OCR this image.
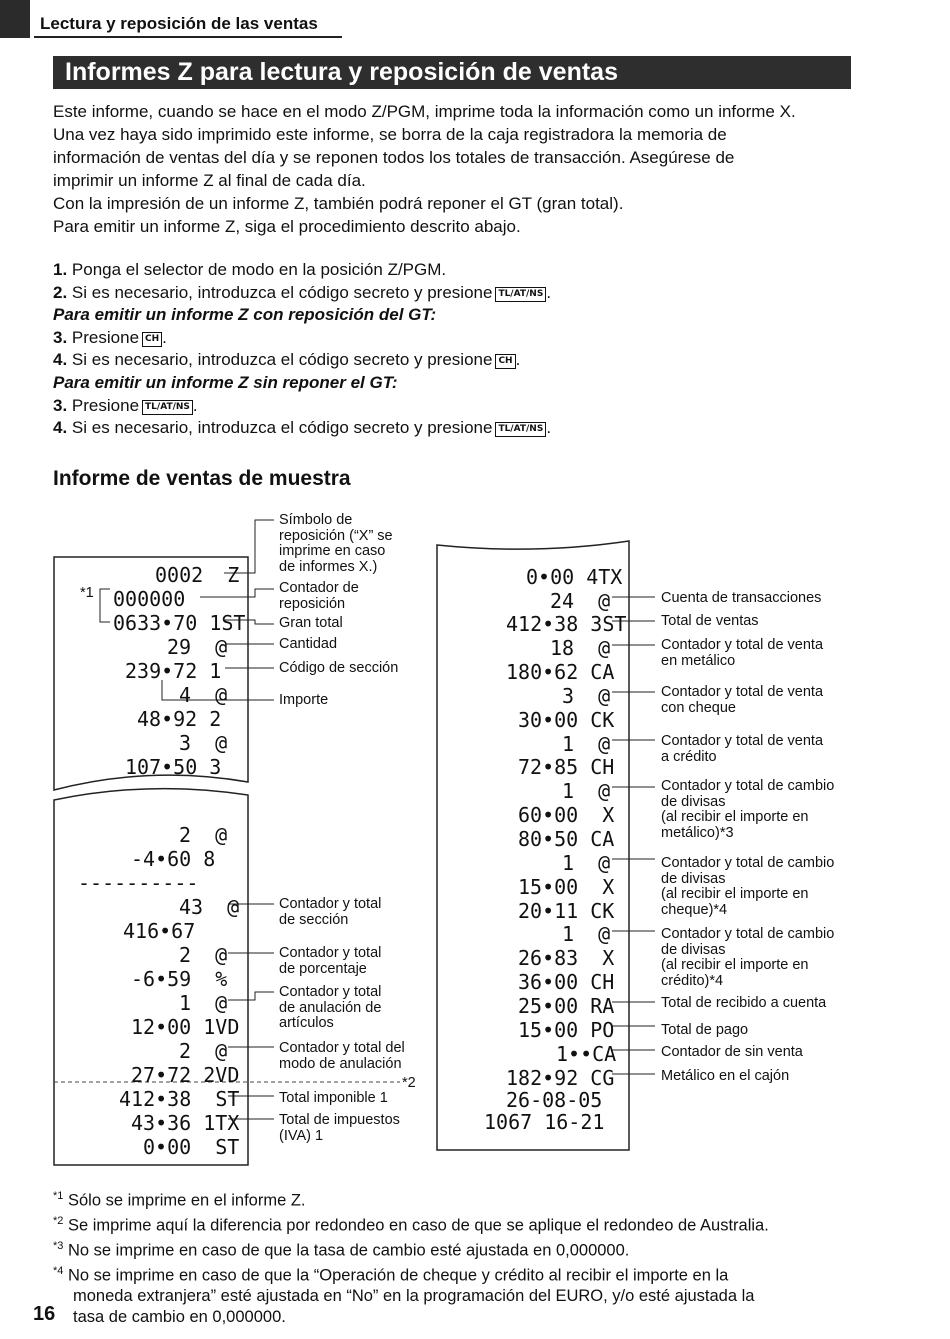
Lectura y reposición de las ventas
Informes Z para lectura y reposición de ventas
Este informe, cuando se hace en el modo Z/PGM, imprime toda la información como un informe X.
Una vez haya sido imprimido este informe, se borra de la caja registradora la memoria de
información de ventas del día y se reponen todos los totales de transacción. Asegúrese de
imprimir un informe Z al final de cada día.
Con la impresión de un informe Z, también podrá reponer el GT (gran total).
Para emitir un informe Z, siga el procedimiento descrito abajo.
1. Ponga el selector de modo en la posición Z/PGM.
2. Si es necesario, introduzca el código secreto y presione TL/AT/NS .
Para emitir un informe Z con reposición del GT:
3. Presione CH .
4. Si es necesario, introduzca el código secreto y presione CH .
Para emitir un informe Z sin reponer el GT:
3. Presione TL/AT/NS .
4. Si es necesario, introduzca el código secreto y presione TL/AT/NS .
Informe de ventas de muestra
0002  Z
000000
0633•70 1ST
29  @
239•72 1
4  @
48•92 2
3  @
107•50 3
*1
2  @
-4•60 8
----------
43  @
416•67
2  @
-6•59  %
1  @
12•00 1VD
2  @
27•72 2VD
412•38  ST
43•36 1TX
0•00  ST
*2
0•00 4TX
24  @
412•38 3ST
18  @
180•62 CA
3  @
30•00 CK
1  @
72•85 CH
1  @
60•00  X
80•50 CA
1  @
15•00  X
20•11 CK
1  @
26•83  X
36•00 CH
25•00 RA
15•00 PO
1••CA
182•92 CG
26-08-05
1067 16-21
Símbolo de
reposición (“X” se
imprime en caso
de informes X.)
Contador de
reposición
Gran total
Cantidad
Código de sección
Importe
Contador y total
de sección
Contador y total
de porcentaje
Contador y total
de anulación de
artículos
Contador y total del
modo de anulación
Total imponible 1
Total de impuestos
(IVA) 1
Cuenta de transacciones
Total de ventas
Contador y total de venta
en metálico
Contador y total de venta
con cheque
Contador y total de venta
a crédito
Contador y total de cambio
de divisas
(al recibir el importe en
metálico)*3
Contador y total de cambio
de divisas
(al recibir el importe en
cheque)*4
Contador y total de cambio
de divisas
(al recibir el importe en
crédito)*4
Total de recibido a cuenta
Total de pago
Contador de sin venta
Metálico en el cajón
$^{*1}$ Sólo se imprime en el informe Z.
$^{*2}$ Se imprime aquí la diferencia por redondeo en caso de que se aplique el redondeo de Australia.
$^{*3}$ No se imprime en caso de que la tasa de cambio esté ajustada en 0,000000.
$^{*4}$ No se imprime en caso de que la “Operación de cheque y crédito al recibir el importe en la
moneda extranjera” esté ajustada en “No” en la programación del EURO, y/o esté ajustada la
tasa de cambio en 0,000000.
16
